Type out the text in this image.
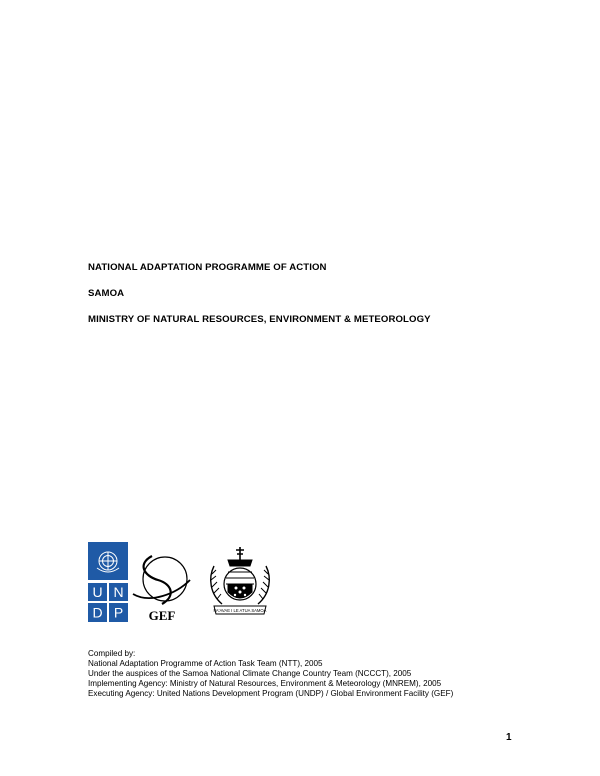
NATIONAL ADAPTATION PROGRAMME OF ACTION
SAMOA
MINISTRY OF NATURAL RESOURCES, ENVIRONMENT & METEOROLOGY
U N
D P GEF	FA'AVAE I LE ATUA SAMOA
Compiled by:
National Adaptation Programme of Action Task Team (NTT), 2005
Under the auspices of the Samoa National Climate Change Country Team (NCCCT), 2005
Implementing Agency: Ministry of Natural Resources, Environment & Meteorology (MNREM), 2005
Executing Agency: United Nations Development Program (UNDP) / Global Environment Facility (GEF)
1
